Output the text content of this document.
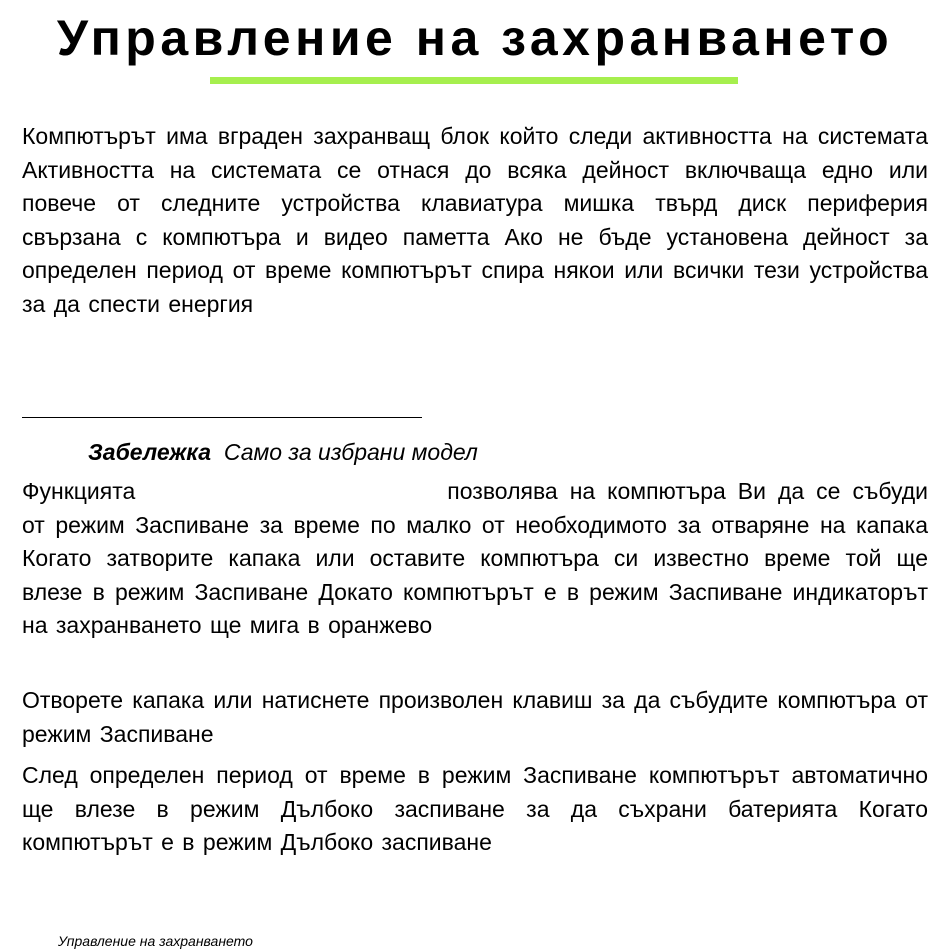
Управление на захранването

Компютърът има вграден захранващ блок който следи активността на системата Активността на системата се отнася до всяка дейност включваща едно или повече от следните устройства клавиатура мишка твърд диск периферия свързана с компютъра и видео паметта Ако не бъде установена дейност за определен период от време компютърът спира някои или всички тези устройства за да спести енергия

Забележка Само за избрани модел

Функцията	позволява на компютъра Ви да се събуди от режим Заспиване за време по малко от необходимото за отваряне на капака Когато затворите капака или оставите компютъра си известно време той ще влезе в режим Заспиване Докато компютърът е в режим Заспиване индикаторът на захранването ще мига в оранжево

Отворете капака или натиснете произволен клавиш за да събудите компютъра от режим Заспиване

След определен период от време в режим Заспиване компютърът автоматично ще влезе в режим Дълбоко заспиване за да съхрани батерията Когато компютърът е в режим Дълбоко заспиване

Управление на захранването
